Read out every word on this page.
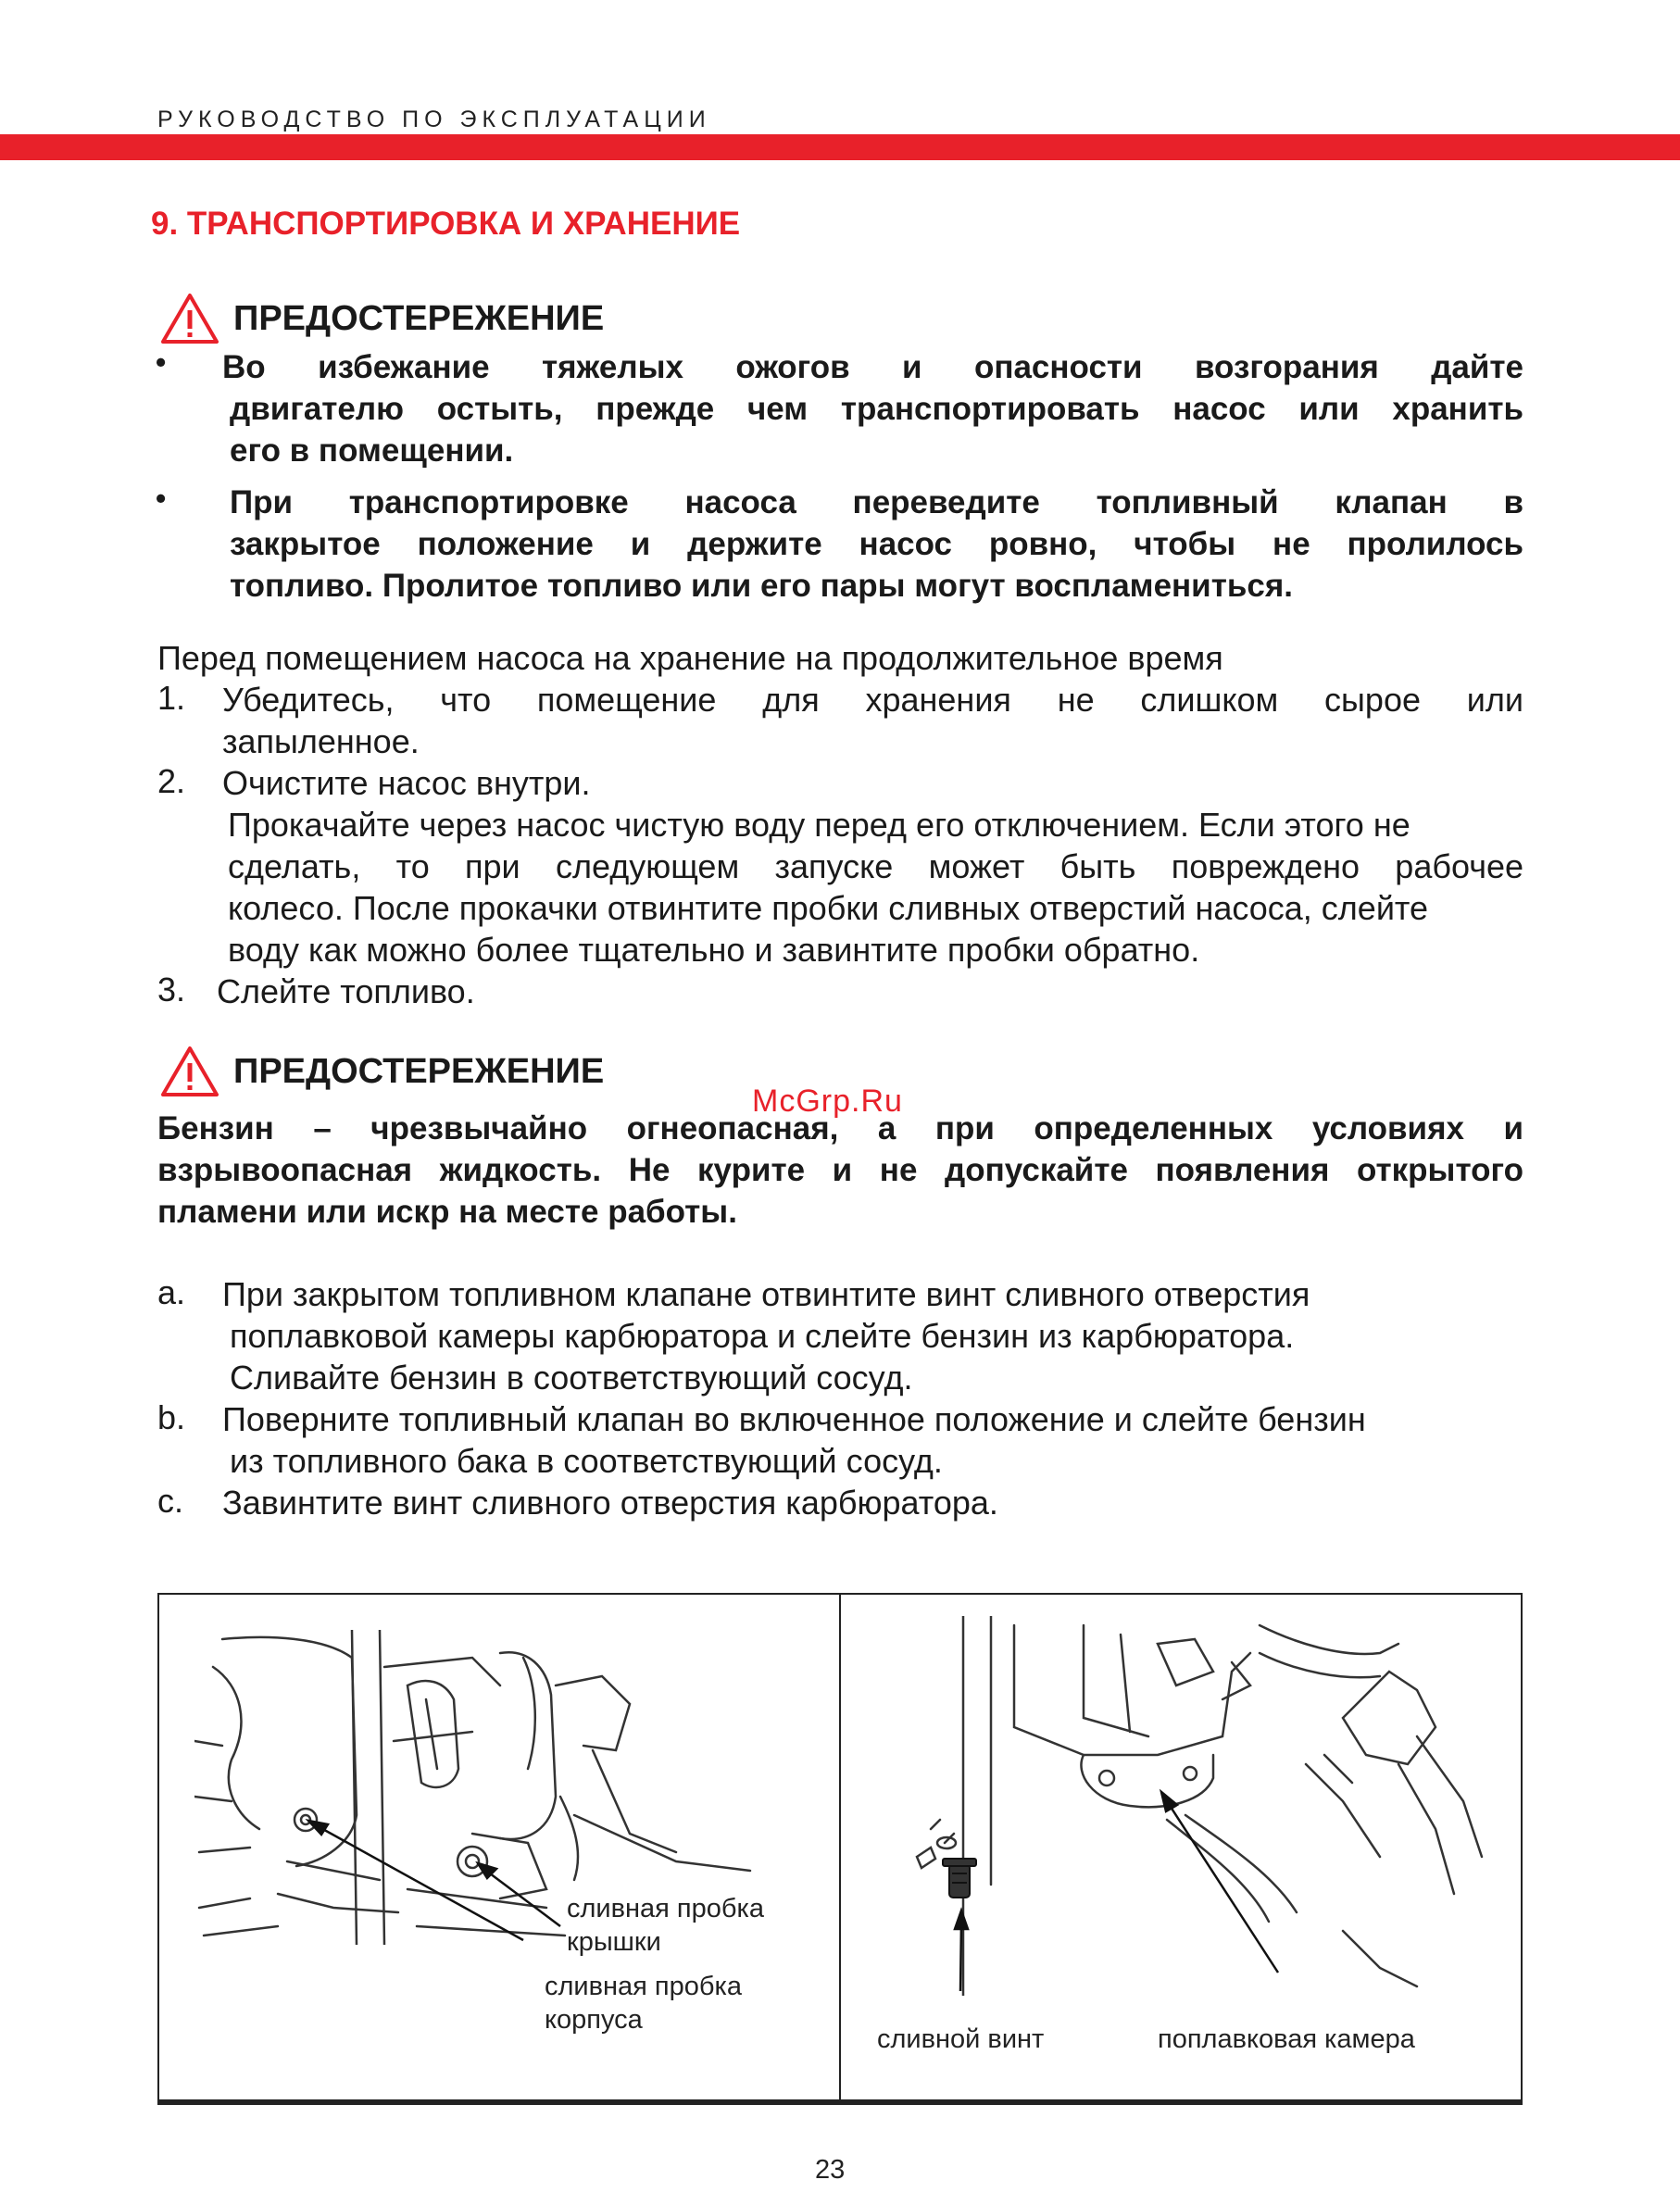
РУКОВОДСТВО ПО ЭКСПЛУАТАЦИИ
9. ТРАНСПОРТИРОВКА И ХРАНЕНИЕ
ПРЕДОСТЕРЕЖЕНИЕ
• Во избежание тяжелых ожогов и опасности возгорания дайте
двигателю остыть, прежде чем транспортировать насос или хранить
его в помещении.
• При транспортировке насоса переведите топливный клапан в
закрытое положение и держите насос ровно, чтобы не пролилось
топливо. Пролитое топливо или его пары могут воспламениться.
Перед помещением насоса на хранение на продолжительное время
1. Убедитесь, что помещение для хранения не слишком сырое или
запыленное.
2. Очистите насос внутри.
Прокачайте через насос чистую воду перед его отключением. Если этого не
сделать, то при следующем запуске может быть повреждено рабочее
колесо. После прокачки отвинтите пробки сливных отверстий насоса, слейте
воду как можно более тщательно и завинтите пробки обратно.
3. Слейте топливо.
ПРЕДОСТЕРЕЖЕНИЕ
McGrp.Ru
Бензин – чрезвычайно огнеопасная, а при определенных условиях и
взрывоопасная жидкость. Не курите и не допускайте появления открытого
пламени или искр на месте работы.
a. При закрытом топливном клапане отвинтите винт сливного отверстия
поплавковой камеры карбюратора и слейте бензин из карбюратора.
Сливайте бензин в соответствующий сосуд.
b. Поверните топливный клапан во включенное положение и слейте бензин
из топливного бака в соответствующий сосуд.
c. Завинтите винт сливного отверстия карбюратора.
сливная пробка
крышки
сливная пробка
корпуса
сливной винт	поплавковая камера
23
